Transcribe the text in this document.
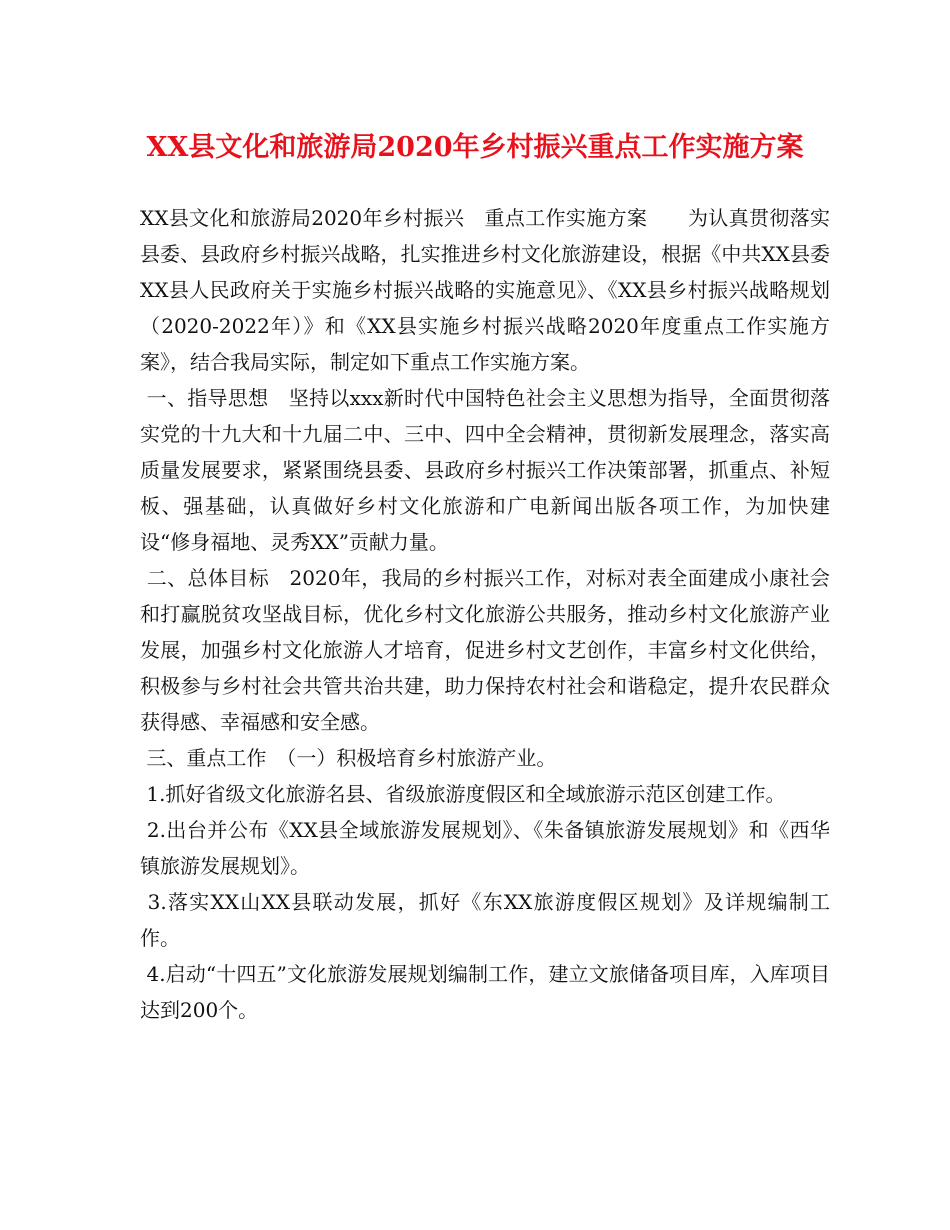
XX县文化和旅游局2020年乡村振兴重点工作实施方案

XX县文化和旅游局2020年乡村振兴　重点工作实施方案　　为认真贯彻落实县委、县政府乡村振兴战略，扎实推进乡村文化旅游建设，根据《中共XX县委XX县人民政府关于实施乡村振兴战略的实施意见》、《XX县乡村振兴战略规划（2020-2022年）》和《XX县实施乡村振兴战略2020年度重点工作实施方案》，结合我局实际，制定如下重点工作实施方案。

一、指导思想　坚持以xxx新时代中国特色社会主义思想为指导，全面贯彻落实党的十九大和十九届二中、三中、四中全会精神，贯彻新发展理念，落实高质量发展要求，紧紧围绕县委、县政府乡村振兴工作决策部署，抓重点、补短板、强基础，认真做好乡村文化旅游和广电新闻出版各项工作，为加快建设“修身福地、灵秀XX”贡献力量。

二、总体目标　2020年，我局的乡村振兴工作，对标对表全面建成小康社会和打赢脱贫攻坚战目标，优化乡村文化旅游公共服务，推动乡村文化旅游产业发展，加强乡村文化旅游人才培育，促进乡村文艺创作，丰富乡村文化供给，积极参与乡村社会共管共治共建，助力保持农村社会和谐稳定，提升农民群众获得感、幸福感和安全感。

三、重点工作　（一）积极培育乡村旅游产业。

1.抓好省级文化旅游名县、省级旅游度假区和全域旅游示范区创建工作。

2.出台并公布《XX县全域旅游发展规划》、《朱备镇旅游发展规划》和《西华镇旅游发展规划》。

3.落实XX山XX县联动发展，抓好《东XX旅游度假区规划》及详规编制工作。

4.启动“十四五”文化旅游发展规划编制工作，建立文旅储备项目库，入库项目达到200个。
